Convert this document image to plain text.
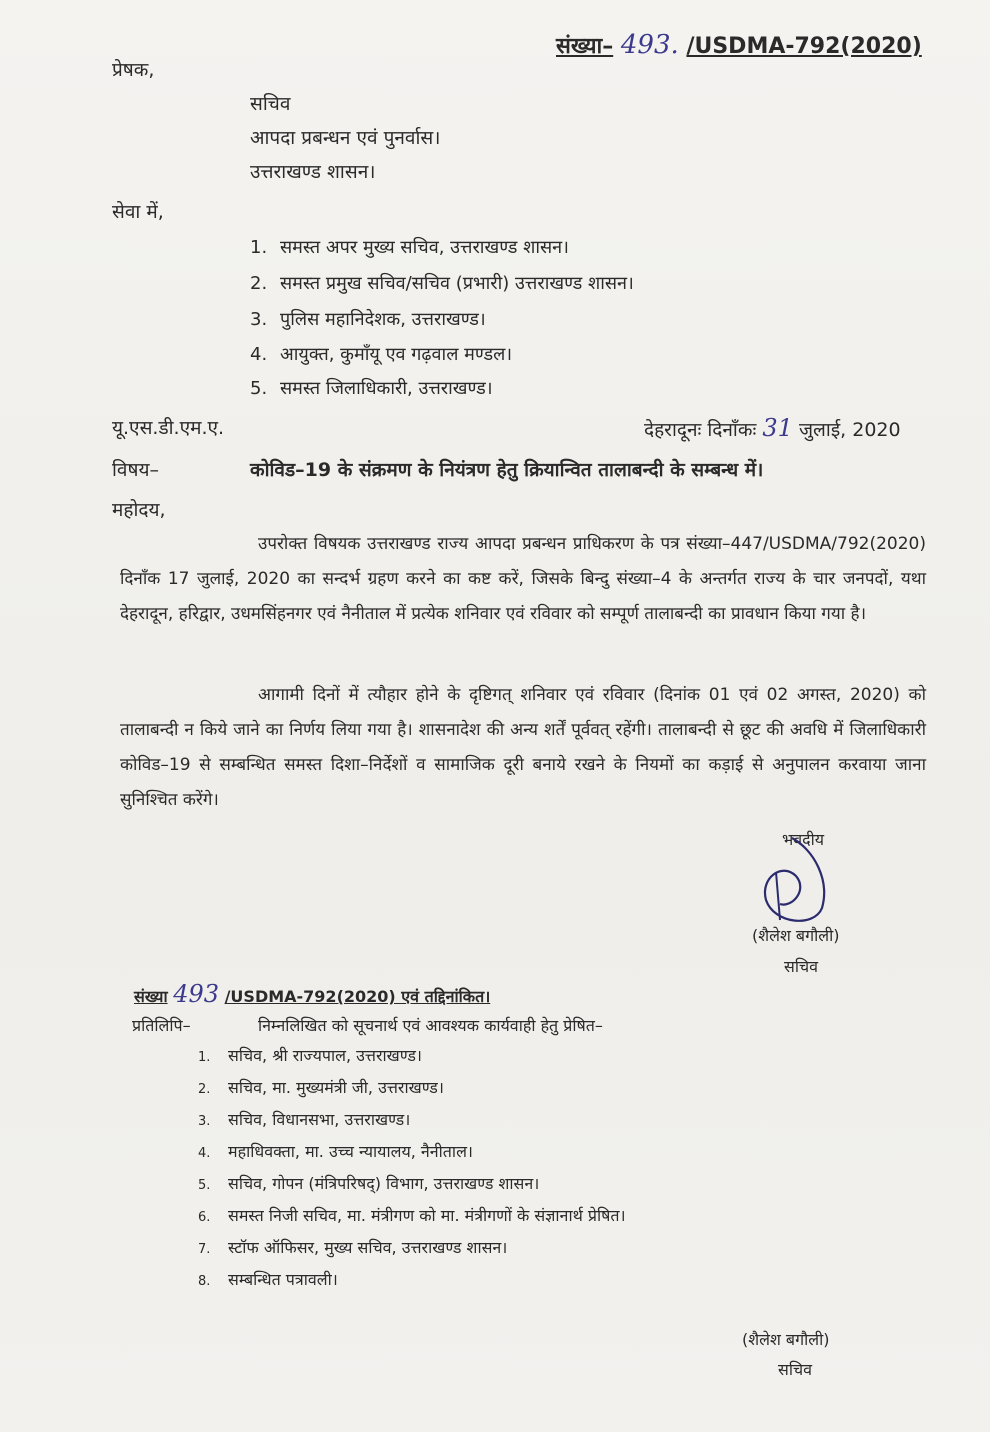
संख्या– 493. /USDMA-792(2020)
प्रेषक,
सचिव
आपदा प्रबन्धन एवं पुनर्वास।
उत्तराखण्ड शासन।
सेवा में,
1. समस्त अपर मुख्य सचिव, उत्तराखण्ड शासन।
2. समस्त प्रमुख सचिव/सचिव (प्रभारी) उत्तराखण्ड शासन।
3. पुलिस महानिदेशक, उत्तराखण्ड।
4. आयुक्त, कुमाँयू एव गढ़वाल मण्डल।
5. समस्त जिलाधिकारी, उत्तराखण्ड।
यू.एस.डी.एम.ए.	देहरादूनः दिनाँकः 31 जुलाई, 2020
विषय–	कोविड–19 के संक्रमण के नियंत्रण हेतु क्रियान्वित तालाबन्दी के सम्बन्ध में।
महोदय,

उपरोक्त विषयक उत्तराखण्ड राज्य आपदा प्रबन्धन प्राधिकरण के पत्र संख्या–447/USDMA/792(2020) दिनाँक 17 जुलाई, 2020 का सन्दर्भ ग्रहण करने का कष्ट करें, जिसके बिन्दु संख्या–4 के अन्तर्गत राज्य के चार जनपदों, यथा देहरादून, हरिद्वार, उधमसिंहनगर एवं नैनीताल में प्रत्येक शनिवार एवं रविवार को सम्पूर्ण तालाबन्दी का प्रावधान किया गया है।

आगामी दिनों में त्यौहार होने के दृष्टिगत् शनिवार एवं रविवार (दिनांक 01 एवं 02 अगस्त, 2020) को तालाबन्दी न किये जाने का निर्णय लिया गया है। शासनादेश की अन्य शर्तें पूर्ववत् रहेंगी। तालाबन्दी से छूट की अवधि में जिलाधिकारी कोविड–19 से सम्बन्धित समस्त दिशा–निर्देशों व सामाजिक दूरी बनाये रखने के नियमों का कड़ाई से अनुपालन करवाया जाना सुनिश्चित करेंगे।

भवदीय
(शैलेश बगौली)
सचिव
संख्या 493 /USDMA-792(2020) एवं तद्दिनांकित।
प्रतिलिपि–	निम्नलिखित को सूचनार्थ एवं आवश्यक कार्यवाही हेतु प्रेषित–
1. सचिव, श्री राज्यपाल, उत्तराखण्ड।
2. सचिव, मा. मुख्यमंत्री जी, उत्तराखण्ड।
3. सचिव, विधानसभा, उत्तराखण्ड।
4. महाधिवक्ता, मा. उच्च न्यायालय, नैनीताल।
5. सचिव, गोपन (मंत्रिपरिषद्) विभाग, उत्तराखण्ड शासन।
6. समस्त निजी सचिव, मा. मंत्रीगण को मा. मंत्रीगणों के संज्ञानार्थ प्रेषित।
7. स्टॉफ ऑफिसर, मुख्य सचिव, उत्तराखण्ड शासन।
8. सम्बन्धित पत्रावली।
(शैलेश बगौली)
सचिव
